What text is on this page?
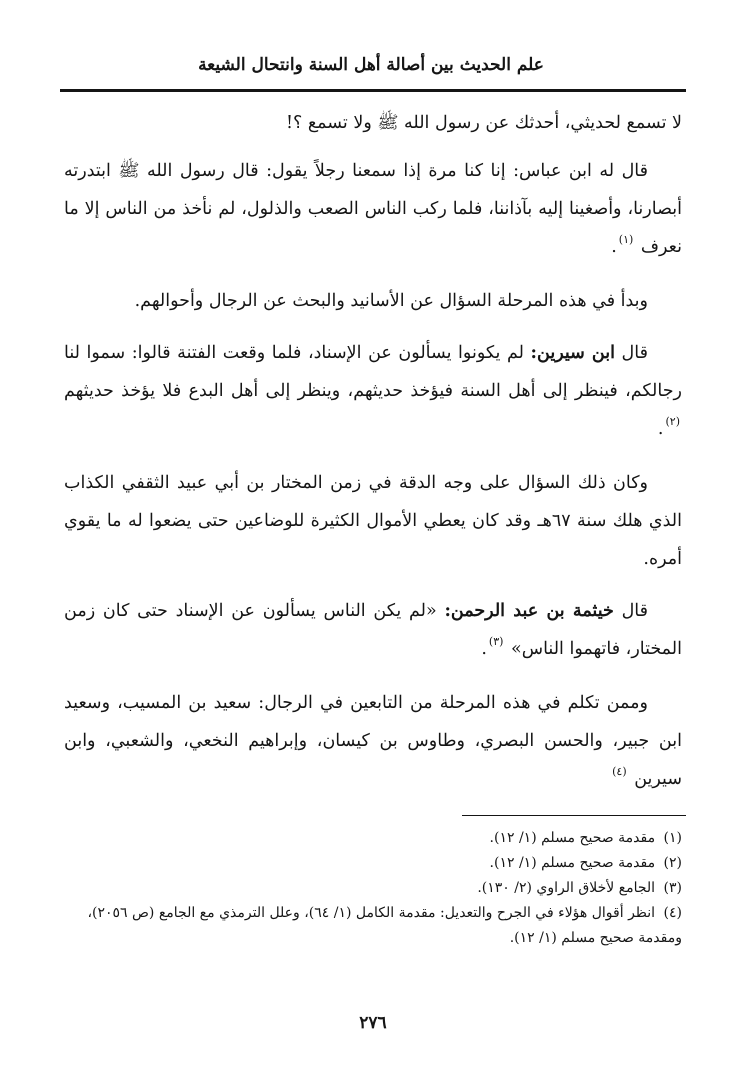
علم الحديث بين أصالة أهل السنة وانتحال الشيعة

لا تسمع لحديثي، أحدثك عن رسول الله ﷺ ولا تسمع ؟!

قال له ابن عباس: إنا كنا مرة إذا سمعنا رجلاً يقول: قال رسول الله ﷺ ابتدرته أبصارنا، وأصغينا إليه بآذاننا، فلما ركب الناس الصعب والذلول، لم نأخذ من الناس إلا ما نعرف $^{(١)}$.

وبدأ في هذه المرحلة السؤال عن الأسانيد والبحث عن الرجال وأحوالهم.

قال ابن سيرين: لم يكونوا يسألون عن الإسناد، فلما وقعت الفتنة قالوا: سموا لنا رجالكم، فينظر إلى أهل السنة فيؤخذ حديثهم، وينظر إلى أهل البدع فلا يؤخذ حديثهم $^{(٢)}$.

وكان ذلك السؤال على وجه الدقة في زمن المختار بن أبي عبيد الثقفي الكذاب الذي هلك سنة ٦٧هـ وقد كان يعطي الأموال الكثيرة للوضاعين حتى يضعوا له ما يقوي أمره.

قال خيثمة بن عبد الرحمن: «لم يكن الناس يسألون عن الإسناد حتى كان زمن المختار، فاتهموا الناس» $^{(٣)}$.

وممن تكلم في هذه المرحلة من التابعين في الرجال: سعيد بن المسيب، وسعيد ابن جبير، والحسن البصري، وطاوس بن كيسان، وإبراهيم النخعي، والشعبي، وابن سيرين $^{(٤)}$

(١) مقدمة صحيح مسلم (١/ ١٢).

(٢) مقدمة صحيح مسلم (١/ ١٢).

(٣) الجامع لأخلاق الراوي (٢/ ١٣٠).

(٤) انظر أقوال هؤلاء في الجرح والتعديل: مقدمة الكامل (١/ ٦٤)، وعلل الترمذي مع الجامع (ص ٢٠٥٦)، ومقدمة صحيح مسلم (١/ ١٢).

٢٧٦
